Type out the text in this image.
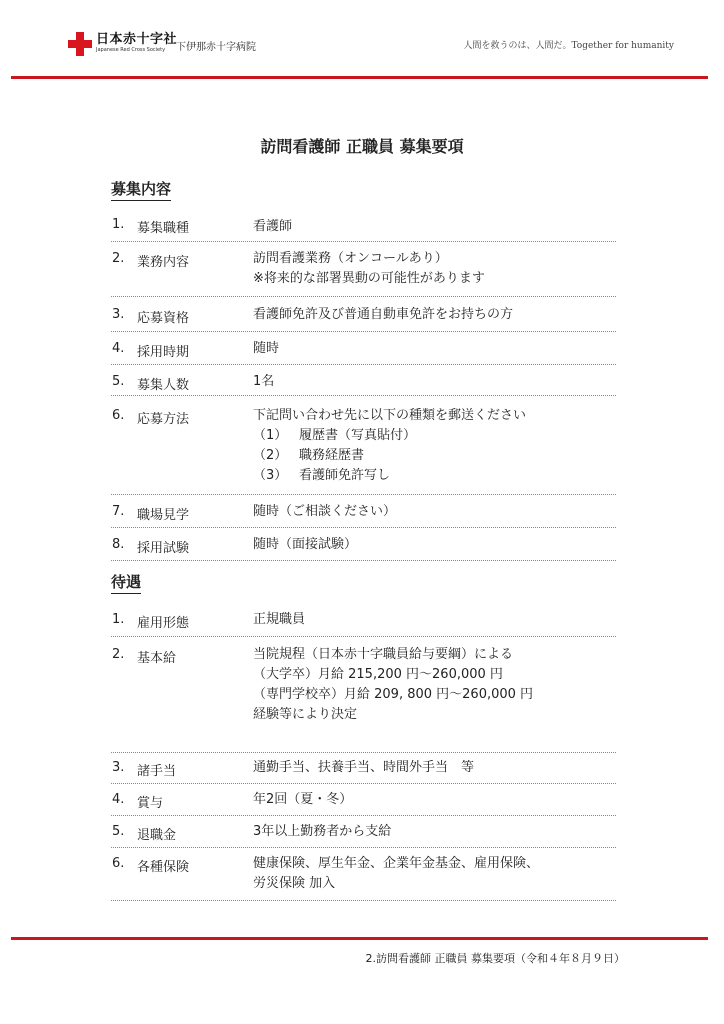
日本赤十字社
Japanese Red Cross Society	下伊那赤十字病院	人間を救うのは、人間だ。Together for humanity
訪問看護師 正職員 募集要項
募集内容
1. 募集職種	看護師
2. 業務内容	訪問看護業務（オンコールあり）
※将来的な部署異動の可能性があります
3. 応募資格	看護師免許及び普通自動車免許をお持ちの方
4. 採用時期	随時
5. 募集人数	1名
6. 応募方法	下記問い合わせ先に以下の種類を郵送ください
（1） 履歴書（写真貼付）
（2） 職務経歴書
（3） 看護師免許写し
7. 職場見学	随時（ご相談ください）
8. 採用試験	随時（面接試験）
待遇
1. 雇用形態	正規職員
2. 基本給	当院規程（日本赤十字職員給与要綱）による
（大学卒）月給 215,200 円～260,000 円
（専門学校卒）月給 209, 800 円～260,000 円
経験等により決定
3. 諸手当	通勤手当、扶養手当、時間外手当　等
4. 賞与	年2回（夏・冬）
5. 退職金	3年以上勤務者から支給
6. 各種保険	健康保険、厚生年金、企業年金基金、雇用保険、
労災保険 加入
2.訪問看護師 正職員 募集要項（令和４年８月９日）
